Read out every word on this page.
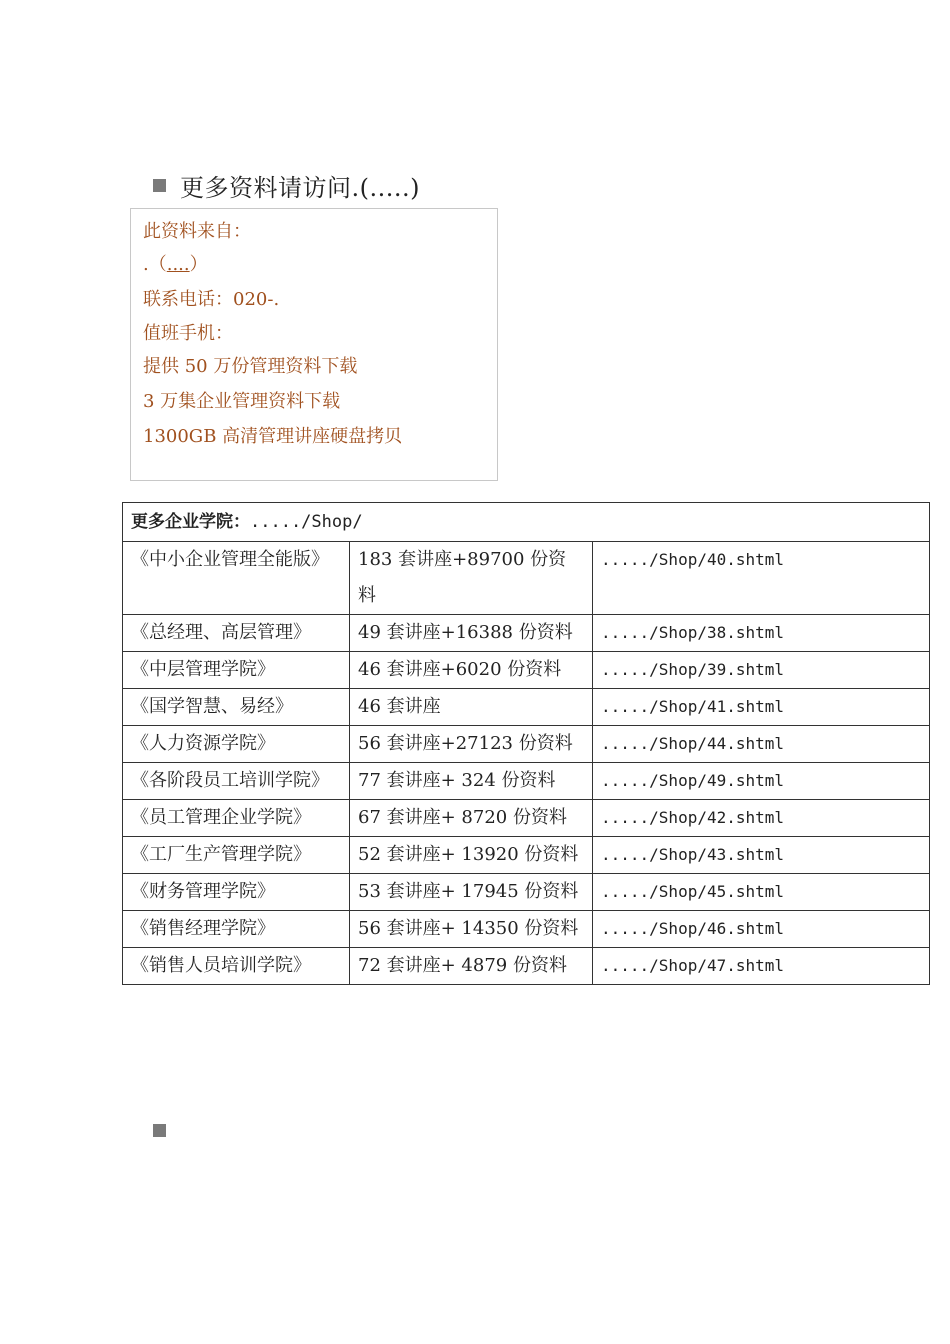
更多资料请访问.(.....)
此资料来自：
.（....）
联系电话：020-.
值班手机：
提供 50 万份管理资料下载
3 万集企业管理资料下载
1300GB 高清管理讲座硬盘拷贝
更多企业学院：...../Shop/		
《中小企业管理全能版》	183 套讲座+89700 份资料	...../Shop/40.shtml
《总经理、高层管理》	49 套讲座+16388 份资料	...../Shop/38.shtml
《中层管理学院》	46 套讲座+6020 份资料	...../Shop/39.shtml
《国学智慧、易经》	46 套讲座	...../Shop/41.shtml
《人力资源学院》	56 套讲座+27123 份资料	...../Shop/44.shtml
《各阶段员工培训学院》	77 套讲座+ 324 份资料	...../Shop/49.shtml
《员工管理企业学院》	67 套讲座+ 8720 份资料	...../Shop/42.shtml
《工厂生产管理学院》	52 套讲座+ 13920 份资料	...../Shop/43.shtml
《财务管理学院》	53 套讲座+ 17945 份资料	...../Shop/45.shtml
《销售经理学院》	56 套讲座+ 14350 份资料	...../Shop/46.shtml
《销售人员培训学院》	72 套讲座+ 4879 份资料	...../Shop/47.shtml
